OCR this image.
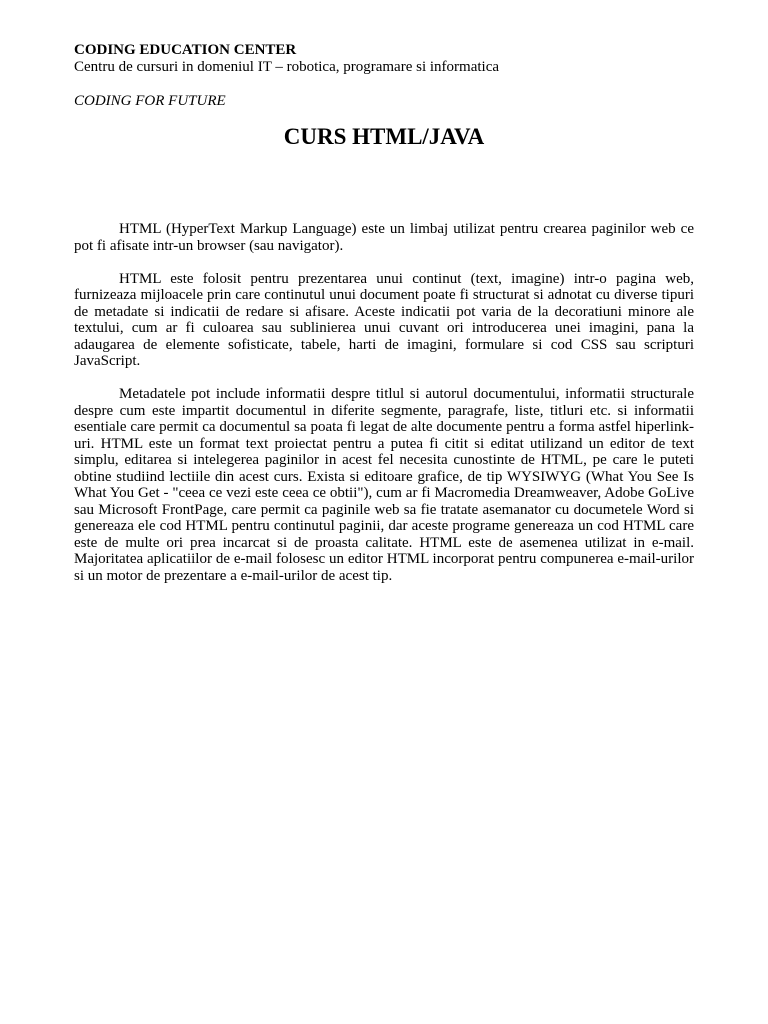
CODING EDUCATION CENTER
Centru de cursuri in domeniul IT – robotica, programare si informatica
CODING FOR FUTURE
CURS HTML/JAVA

HTML (HyperText Markup Language) este un limbaj utilizat pentru crearea paginilor web ce pot fi afisate intr-un browser (sau navigator).

HTML este folosit pentru prezentarea unui continut (text, imagine) intr-o pagina web, furnizeaza mijloacele prin care continutul unui document poate fi structurat si adnotat cu diverse tipuri de metadate si indicatii de redare si afisare. Aceste indicatii pot varia de la decoratiuni minore ale textului, cum ar fi culoarea sau sublinierea unui cuvant ori introducerea unei imagini, pana la adaugarea de elemente sofisticate, tabele, harti de imagini, formulare si cod CSS sau scripturi JavaScript.

Metadatele pot include informatii despre titlul si autorul documentului, informatii structurale despre cum este impartit documentul in diferite segmente, paragrafe, liste, titluri etc. si informatii esentiale care permit ca documentul sa poata fi legat de alte documente pentru a forma astfel hiperlink-uri. HTML este un format text proiectat pentru a putea fi citit si editat utilizand un editor de text simplu, editarea si intelegerea paginilor in acest fel necesita cunostinte de HTML, pe care le puteti obtine studiind lectiile din acest curs. Exista si editoare grafice, de tip WYSIWYG (What You See Is What You Get - "ceea ce vezi este ceea ce obtii"), cum ar fi Macromedia Dreamweaver, Adobe GoLive sau Microsoft FrontPage, care permit ca paginile web sa fie tratate asemanator cu documetele Word si genereaza ele cod HTML pentru continutul paginii, dar aceste programe genereaza un cod HTML care este de multe ori prea incarcat si de proasta calitate. HTML este de asemenea utilizat in e-mail. Majoritatea aplicatiilor de e-mail folosesc un editor HTML incorporat pentru compunerea e-mail-urilor si un motor de prezentare a e-mail-urilor de acest tip.
